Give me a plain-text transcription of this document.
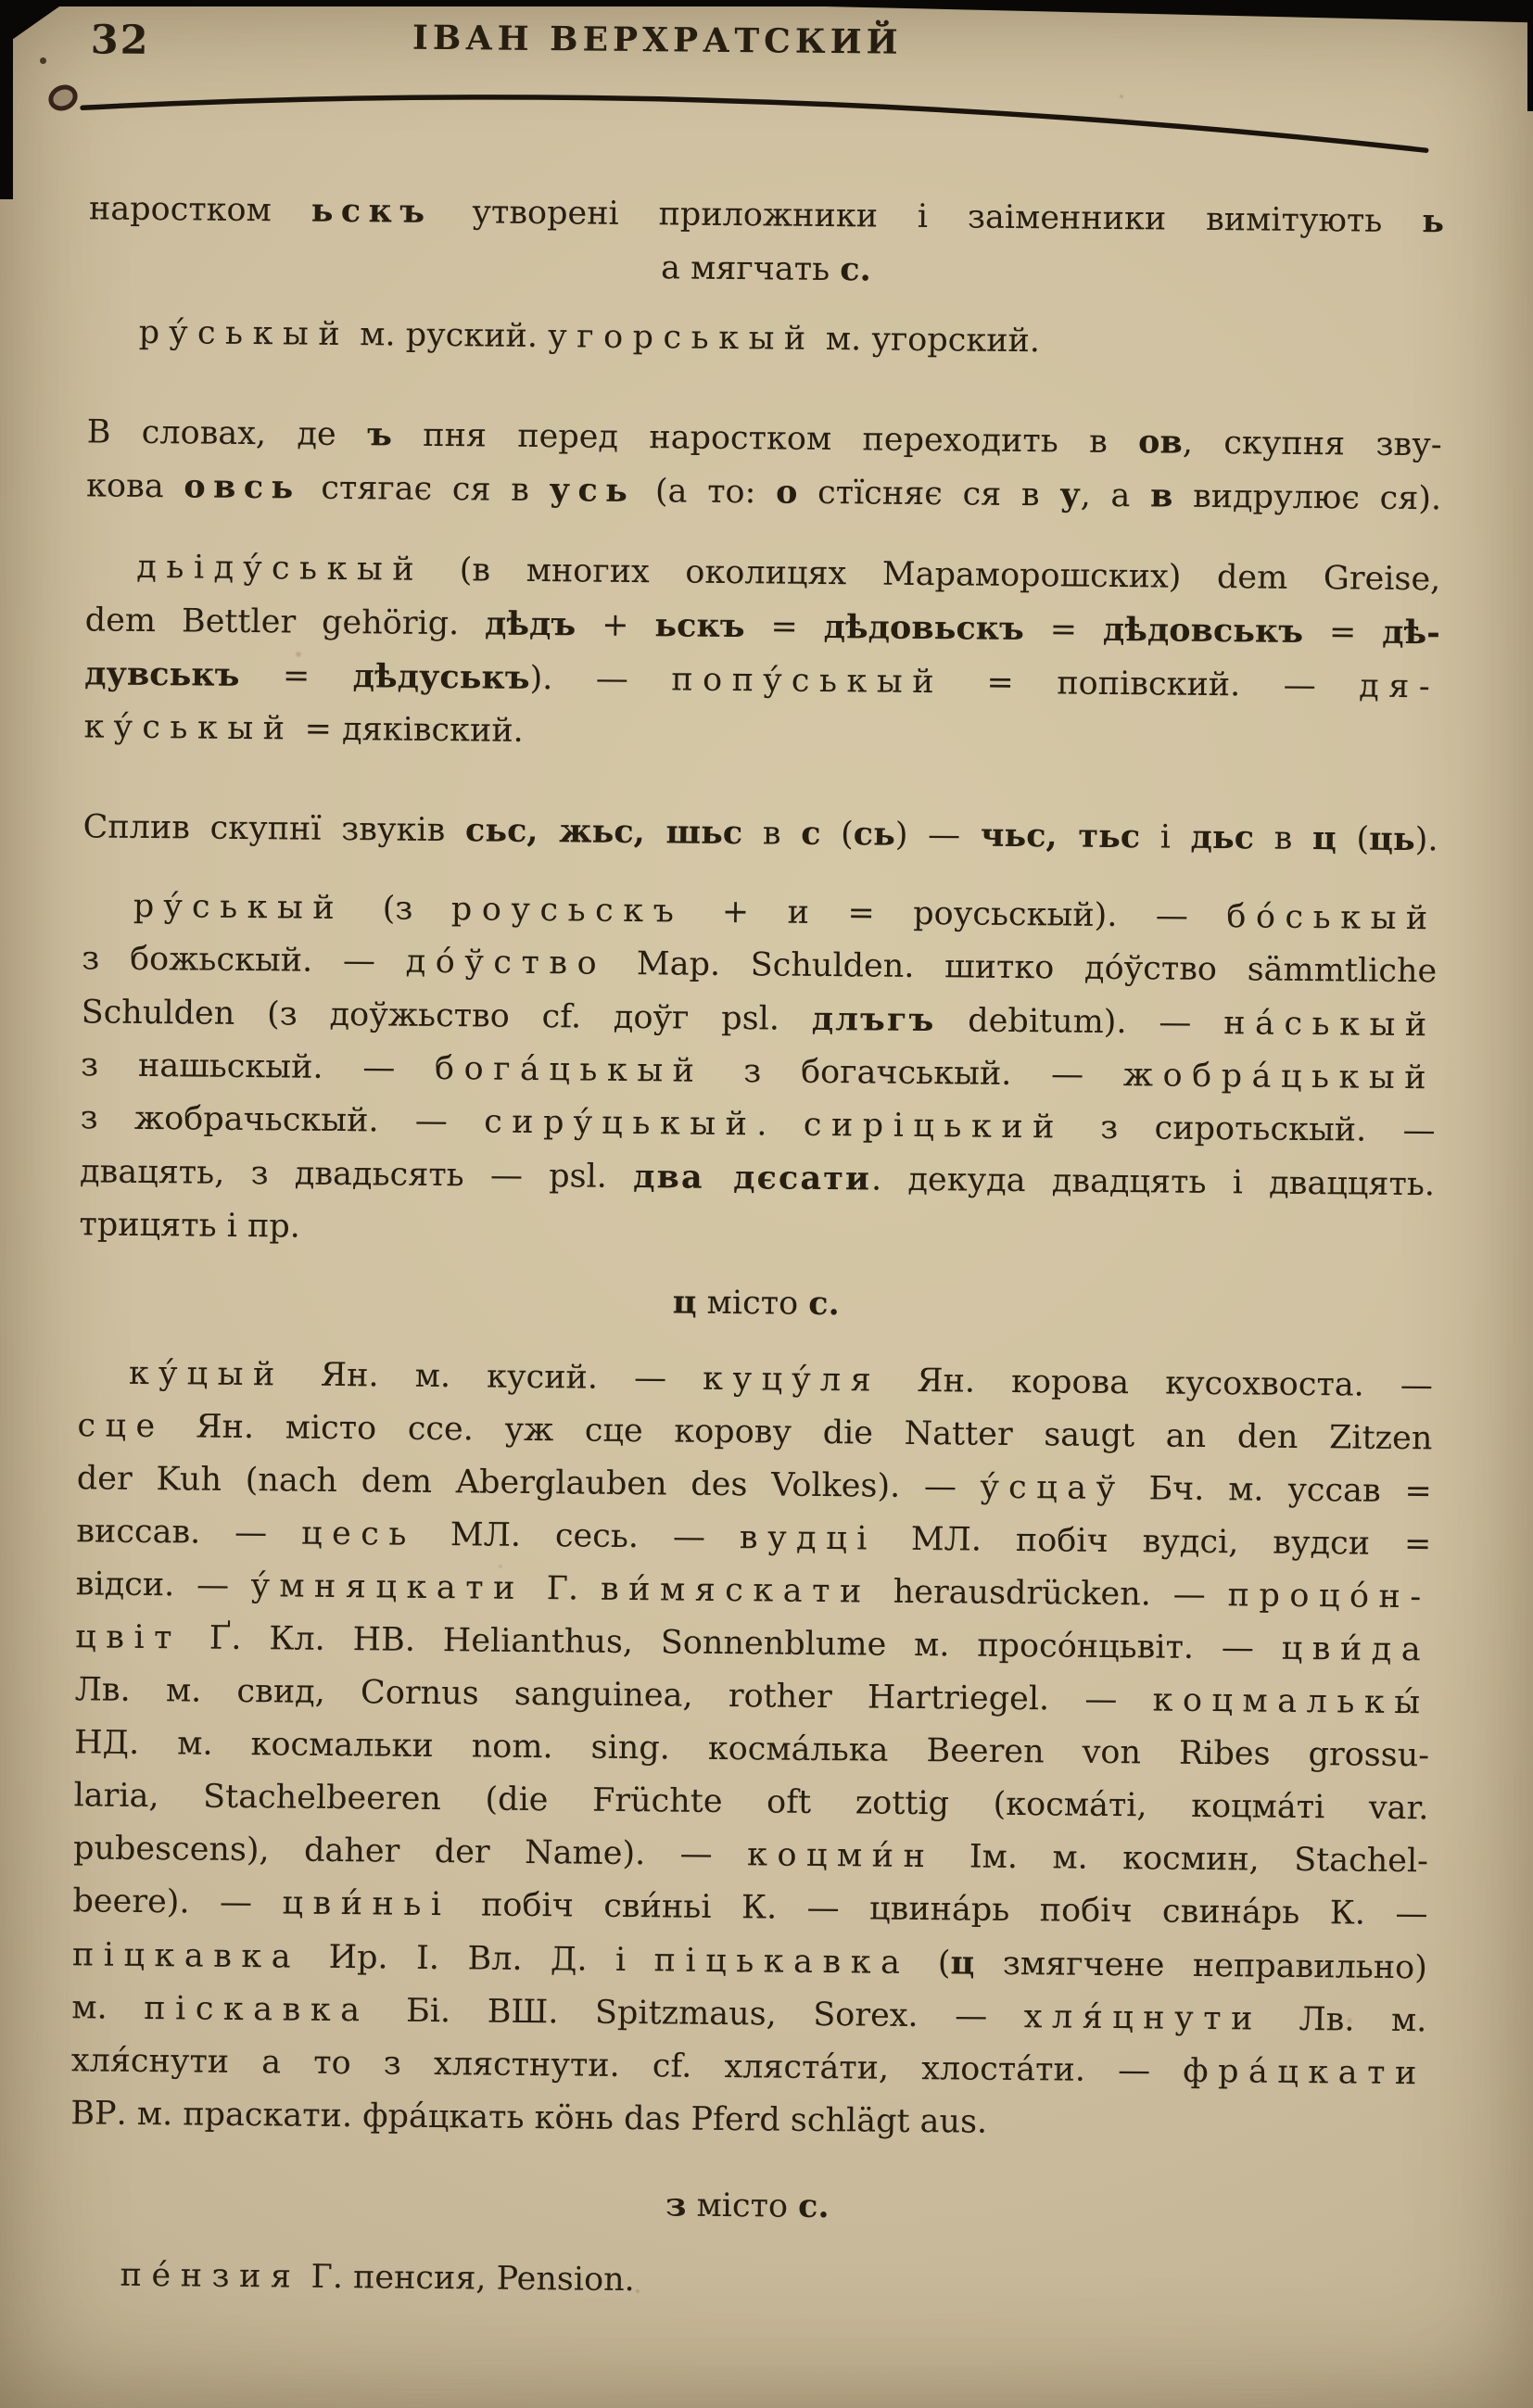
32	ІВАН ВЕРХРАТСКИЙ
наростком ьскъ утворені приложники і заіменники вимітують ь
а мягчать с.
рýськый м. руский. угорськый м. угорский.
В словах, де ъ пня перед наростком переходить в ов, скупня зву-
кова овсь стягає ся в усь (а то: о стїсняє ся в у, а в видрулює ся).
дьідýськый (в многих околицях Мараморошских) dem Greise,
dem Bettler gehörig. дѣдъ + ьскъ = дѣдовьскъ = дѣдовськъ = дѣ-
дувськъ = дѣдуськъ). — попýськый = попівский. — дя-
кýськый = дяківский.
Сплив скупнї звуків сьс, жьс, шьс в с (сь) — чьс, тьс і дьс в ц (ць).
рýськый (з роусьскъ + и = роусьскый). — бóськый
з божьскый. — дóўство Мар. Schulden. шитко дóўство sämmtliche
Schulden (з доўжьство cf. доўг psl. длъгъ debitum). — нáськый
з нашьскый. — богáцькый з богачськый. — жобрáцькый
з жобрачьскый. — сирýцькый. сиріцький з сиротьскый. —
двацять, з двадьсять — psl. два дєсати. декуда двадцять і дваццять.
трицять і пр.
ц місто с.
кýцый Ян. м. кусий. — куцýля Ян. корова кусохвоста. —
сце Ян. місто ссе. уж сце корову die Natter saugt an den Zitzen
der Kuh (nach dem Aberglauben des Volkes). — ýсцаў Бч. м. уссав =
виссав. — цесь МЛ. сесь. — вудці МЛ. побіч вудсі, вудси =
відси. — ýмняцкати Г. ви́мяскати herausdrücken. — процóн-
цвіт Ґ. Кл. НВ. Helianthus, Sonnenblume м. просóнцьвіт. — цви́да
Лв. м. свид, Cornus sanguinea, rother Hartriegel. — коцмалькы́
НД. м. космальки nom. sing. космáлька Beeren von Ribes grossu-
laria, Stachelbeeren (die Früchte oft zottig (космáті, коцмáті var.
pubescens), daher der Name). — коцми́н Ім. м. космин, Stachel-
beere). — цви́ньі побіч сви́ньі К. — цвинáрь побіч свинáрь К. —
піцкавка Ир. І. Вл. Д. і піцькавка (ц змягчене неправильно)
м. піскавка Бі. ВШ. Spitzmaus, Sorex. — хля́цнути Лв. м.
хля́снути а то з хлястнути. cf. хлястáти, хлостáти. — фрáцкати
ВР. м. праскати. фрáцкать кöнь das Pferd schlägt aus.
з місто с.
пéнзия Г. пенсия, Pension.
